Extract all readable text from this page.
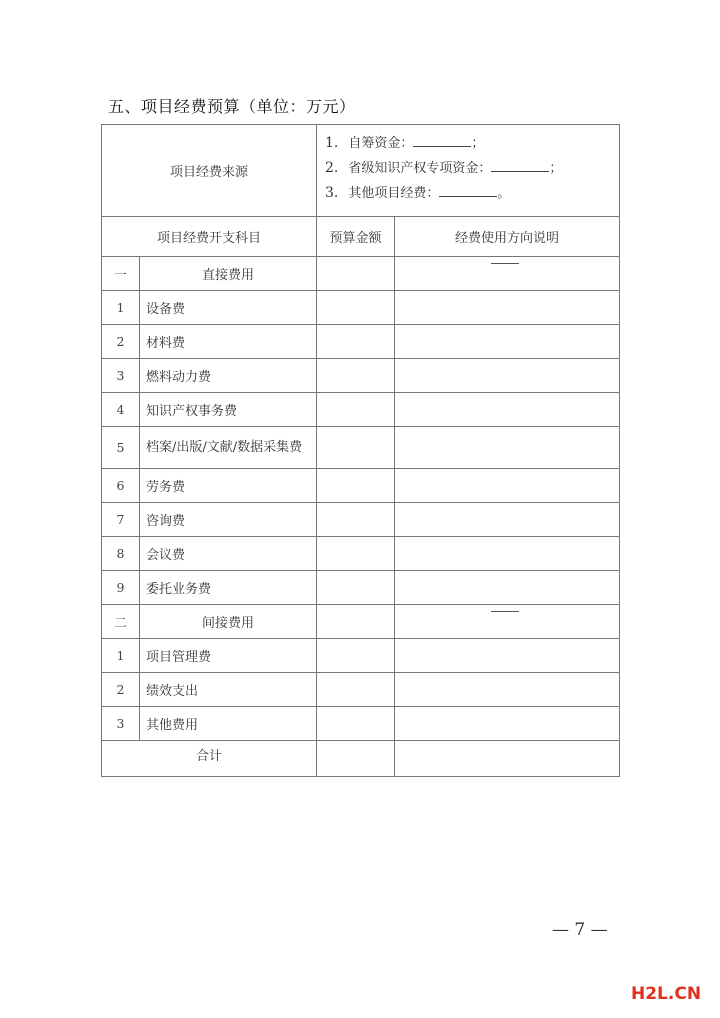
五、项目经费预算（单位：万元）
项目经费来源		1. 自筹资金： ；
2. 省级知识产权专项资金： ；
3. 其他项目经费： 。	

项目经费开支科目		预算金额	经费使用方向说明
一	直接费用		

1	设备费		
2	材料费		
3	燃料动力费		
4	知识产权事务费		
5	档案/出版/文献/数据采集费		
6	劳务费		
7	咨询费		
8	会议费		
9	委托业务费		
二	间接费用		

1	项目管理费		
2	绩效支出		
3	其他费用		
合计			
— 7 —
H2L.CN
